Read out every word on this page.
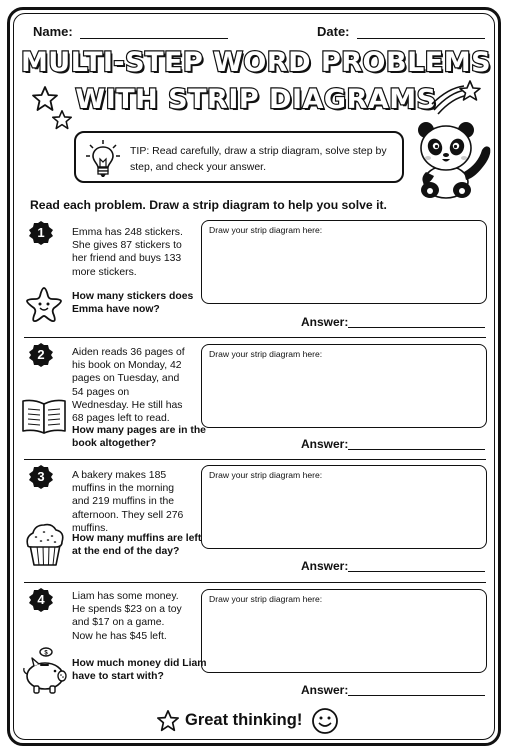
Name:	Date:
MULTI-STEP WORD PROBLEMS
WITH STRIP DIAGRAMS
TIP: Read carefully, draw a strip diagram, solve step by step, and check your answer.
Read each problem. Draw a strip diagram to help you solve it.
1	Emma has 248 stickers. She gives 87 stickers to her friend and buys 133 more stickers.
How many stickers does Emma have now?
Draw your strip diagram here:
Answer:
2	Aiden reads 36 pages of his book on Monday, 42 pages on Tuesday, and 54 pages on Wednesday. He still has 68 pages left to read.
How many pages are in the book altogether?
Draw your strip diagram here:
Answer:
3	A bakery makes 185 muffins in the morning and 219 muffins in the afternoon. They sell 276 muffins.
How many muffins are left at the end of the day?
Draw your strip diagram here:
Answer:
4	Liam has some money. He spends $23 on a toy and $17 on a game. Now he has $45 left.
$
How much money did Liam have to start with?
Draw your strip diagram here:
Answer:
Great thinking!
